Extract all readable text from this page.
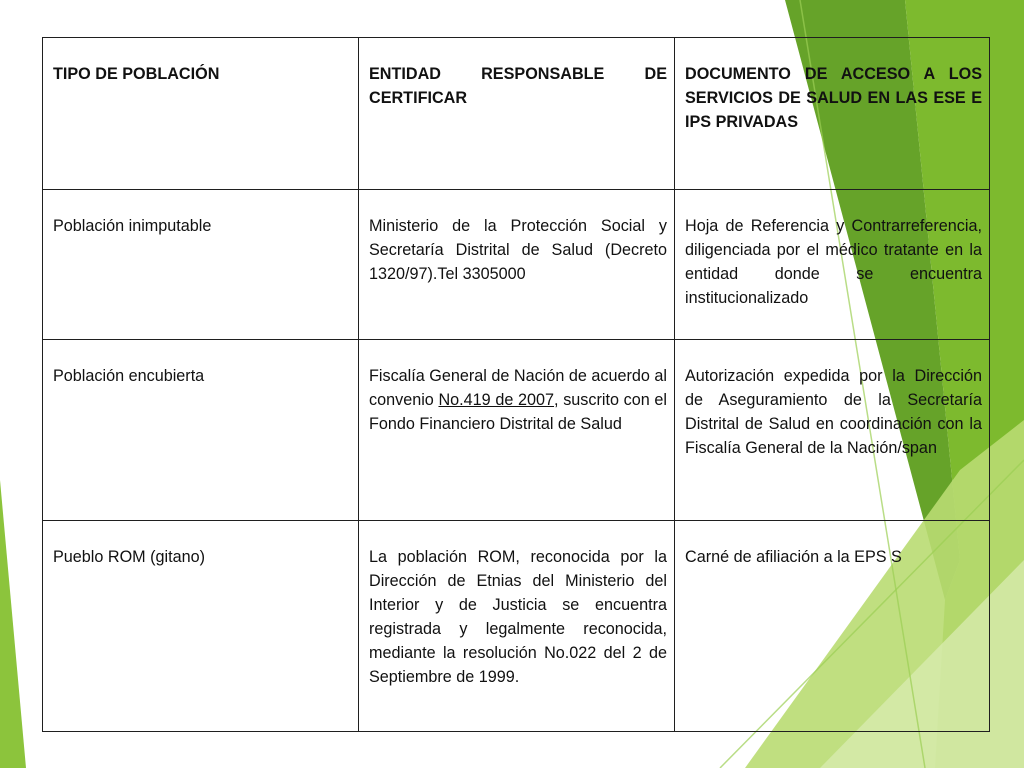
TIPO DE POBLACIÓN	ENTIDAD RESPONSABLE DE CERTIFICAR	DOCUMENTO DE ACCESO A LOS SERVICIOS DE SALUD EN LAS ESE E IPS PRIVADAS
Población inimputable	Ministerio de la Protección Social y Secretaría Distrital de Salud (Decreto 1320/97).Tel 3305000	Hoja de Referencia y Contrarreferencia, diligenciada por el médico tratante en la entidad donde se encuentra institucionalizado
Población encubierta	Fiscalía General de Nación de acuerdo al convenio No.419 de 2007, suscrito con el Fondo Financiero Distrital de Salud	Autorización expedida por la Dirección de Aseguramiento de la Secretaría Distrital de Salud en coordinación con la Fiscalía General de la Nación/span
Pueblo ROM (gitano)	La población ROM, reconocida por la Dirección de Etnias del Ministerio del Interior y de Justicia se encuentra registrada y legalmente reconocida, mediante la resolución No.022 del 2 de Septiembre de 1999.	Carné de afiliación a la EPS S
